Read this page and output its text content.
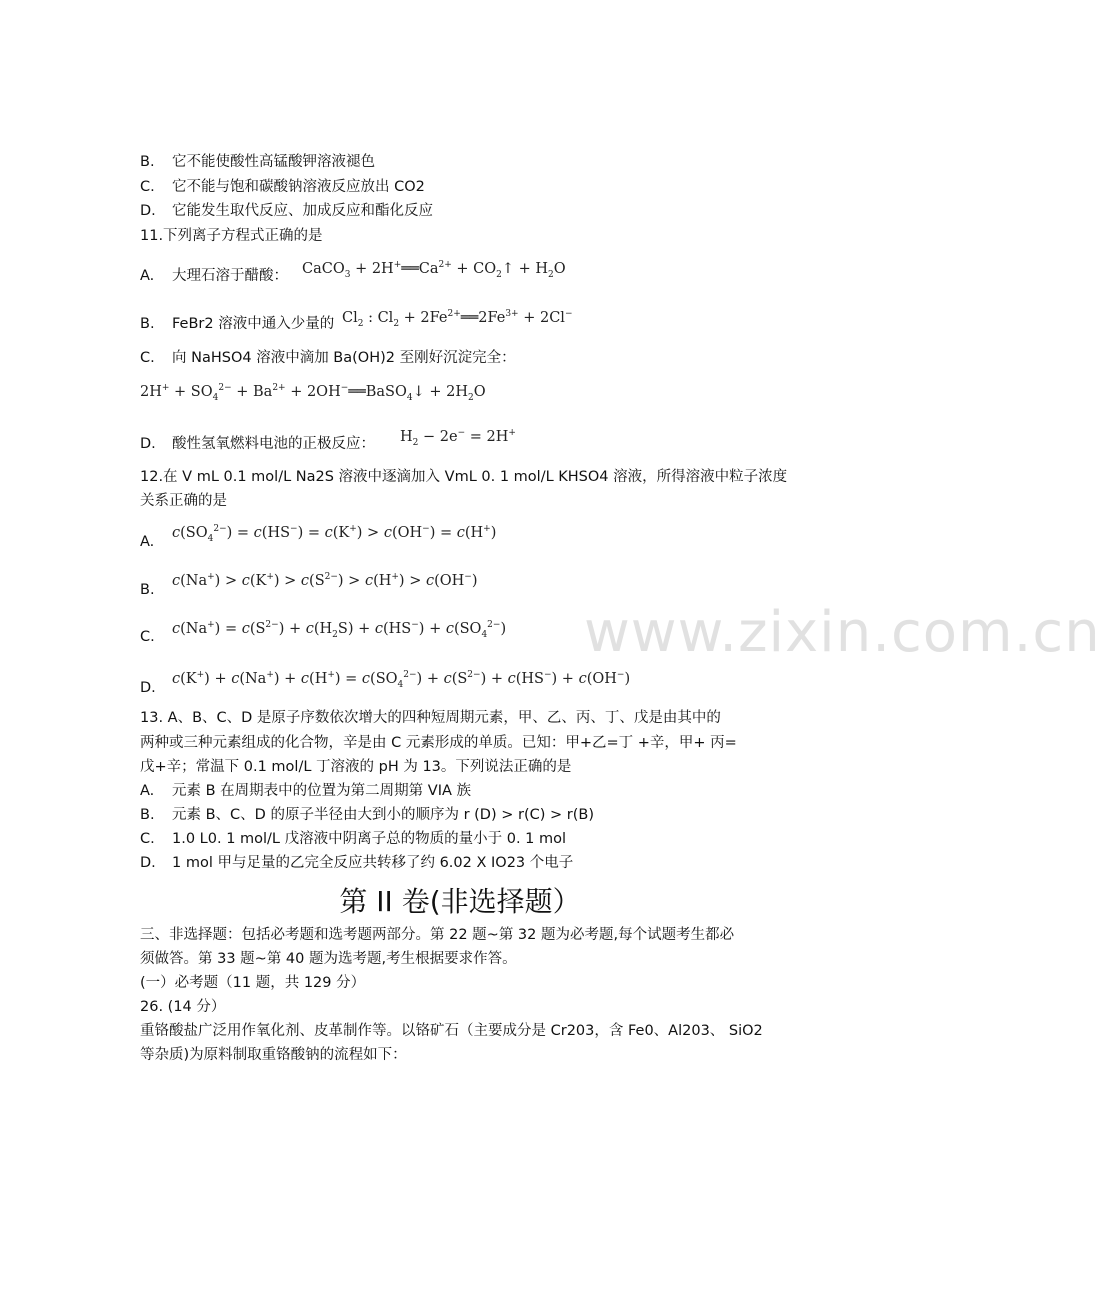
B. 它不能使酸性高锰酸钾溶液褪色
C. 它不能与饱和碳酸钠溶液反应放出 CO2
D. 它能发生取代反应、加成反应和酯化反应
11.下列离子方程式正确的是
A. 大理石溶于醋酸： CaCO$_3$ + $2H^+══Ca^{2+}$ + $CO_2↑ + H_2O$
B. FeBr2 溶液中通入少量的 $Cl_2$ : $Cl_2$ + $2Fe^{2+}══2Fe^{3+} + 2Cl^-$
C. 向 NaHSO4 溶液中滴加 Ba(OH)2 至刚好沉淀完全：
$2H^+ + SO_4^{2-} + Ba^{2+}$ + 2OH−══BaSO$_4$↓ + $2H_2O$
D. 酸性氢氧燃料电池的正极反应： $H_2 - 2e^- = 2H^+$
12.在 V mL 0.1 mol/L Na2S 溶液中逐滴加入 VmL 0. 1 mol/L KHSO4 溶液，所得溶液中粒子浓度
关系正确的是
A.
$c(SO_4^{2-}) = c(HS^-) = c(K^+) > c(OH^-) = c(H^+)$
B.
$c(Na^+) > c(K^+) > c(S^{2-}) > c(H^+) > c(OH^-)$
C.	$c(Na^+) = c(S^{2-}) + c(H_2S) + c(HS^-) + c(SO_4^{2-})$
D.
$c(K^+) + c(Na^+) + c(H^+) = c(SO_4^{2-}) + c(S^{2-}) + c(HS^-) + c(OH^-)$
13. A、B、C、D 是原子序数依次增大的四种短周期元素，甲、乙、丙、丁、戊是由其中的
两种或三种元素组成的化合物，辛是由 C 元素形成的单质。已知：甲+乙=丁 +辛，甲+ 丙=
戊+辛；常温下 0.1 mol/L 丁溶液的 pH 为 13。下列说法正确的是
A. 元素 B 在周期表中的位置为第二周期第 VIA 族
B. 元素 B、C、D 的原子半径由大到小的顺序为 r (D) > r(C) > r(B)
C. 1.0 L0. 1 mol/L 戊溶液中阴离子总的物质的量小于 0. 1 mol
D. 1 mol 甲与足量的乙完全反应共转移了约 6.02 X IO23 个电子
第 II 卷(非选择题）
三、非选择题：包括必考题和选考题两部分。第 22 题~第 32 题为必考题,每个试题考生都必
须做答。第 33 题~第 40 题为选考题,考生根据要求作答。
(一）必考题（11 题，共 129 分）
26. (14 分）
重铬酸盐广泛用作氧化剂、皮革制作等。以铬矿石（主要成分是 Cr203，含 Fe0、Al203、 SiO2
等杂质)为原料制取重铬酸钠的流程如下：
www.zixin.com.cn
